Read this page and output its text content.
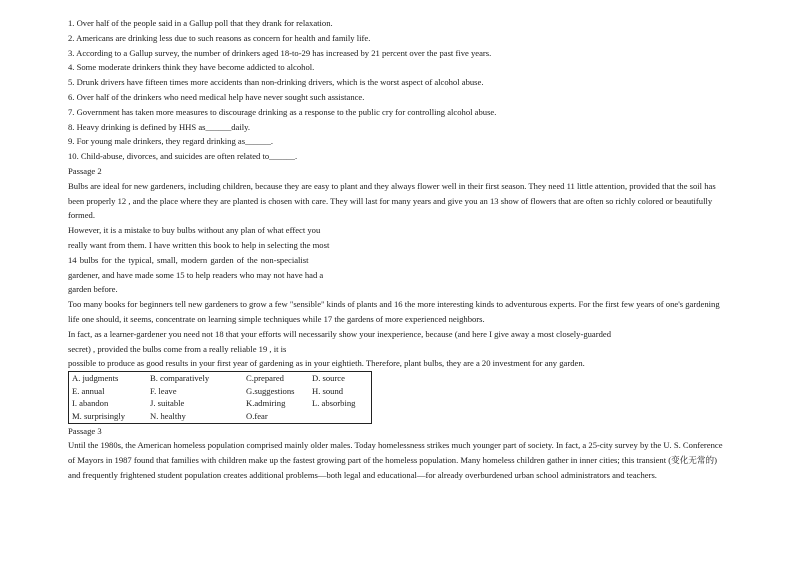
1. Over half of the people said in a Gallup poll that they drank for relaxation.

2. Americans are drinking less due to such reasons as concern for health and family life.

3. According to a Gallup survey, the number of drinkers aged 18-to-29 has increased by 21 percent over the past five years.

4. Some moderate drinkers think they have become addicted to alcohol.

5. Drunk drivers have fifteen times more accidents than non-drinking drivers, which is the worst aspect of alcohol abuse.

6. Over half of the drinkers who need medical help have never sought such assistance.

7. Government has taken more measures to discourage drinking as a response to the public cry for controlling alcohol abuse.

8. Heavy drinking is defined by HHS as______daily.

9. For young male drinkers, they regard drinking as______.

10. Child-abuse, divorces, and suicides are often related to______.

Passage 2

Bulbs are ideal for new gardeners, including children, because they are easy to plant and they always flower well in their first season. They need 11 little attention, provided that the soil has been properly 12 , and the place where they are planted is chosen with care. They will last for many years and give you an 13 show of flowers that are often so richly colored or beautifully formed.

However, it is a mistake to buy bulbs without any plan of what effect you

really want from them. I have written this book to help in selecting the most

14 bulbs for the typical, small, modern garden of the non-specialist

gardener, and have made some 15 to help readers who may not have had a

garden before.

Too many books for beginners tell new gardeners to grow a few "sensible" kinds of plants and 16 the more interesting kinds to adventurous experts. For the first few years of one's gardening life one should, it seems, concentrate on learning simple techniques while 17 the gardens of more experienced neighbors.

In fact, as a learner-gardener you need not 18 that your efforts will necessarily show your inexperience, because (and here I give away a most closely-guarded

secret) , provided the bulbs come from a really reliable 19 , it is

possible to produce as good results in your first year of gardening as in your eightieth. Therefore, plant bulbs, they are a 20 investment for any garden.

A. judgments	B. comparatively	C.prepared	D. source
E. annual	F. leave	G.suggestions	H. sound
I. abandon	J. suitable	K.admiring	L. absorbing
M. surprisingly	N. healthy	O.fear	

Passage 3

Until the 1980s, the American homeless population comprised mainly older males. Today homelessness strikes much younger part of society. In fact, a 25-city survey by the U. S. Conference of Mayors in 1987 found that families with children make up the fastest growing part of the homeless population. Many homeless children gather in inner cities; this transient (变化无常的) and frequently frightened student population creates additional problems—both legal and educational—for already overburdened urban school administrators and teachers.
